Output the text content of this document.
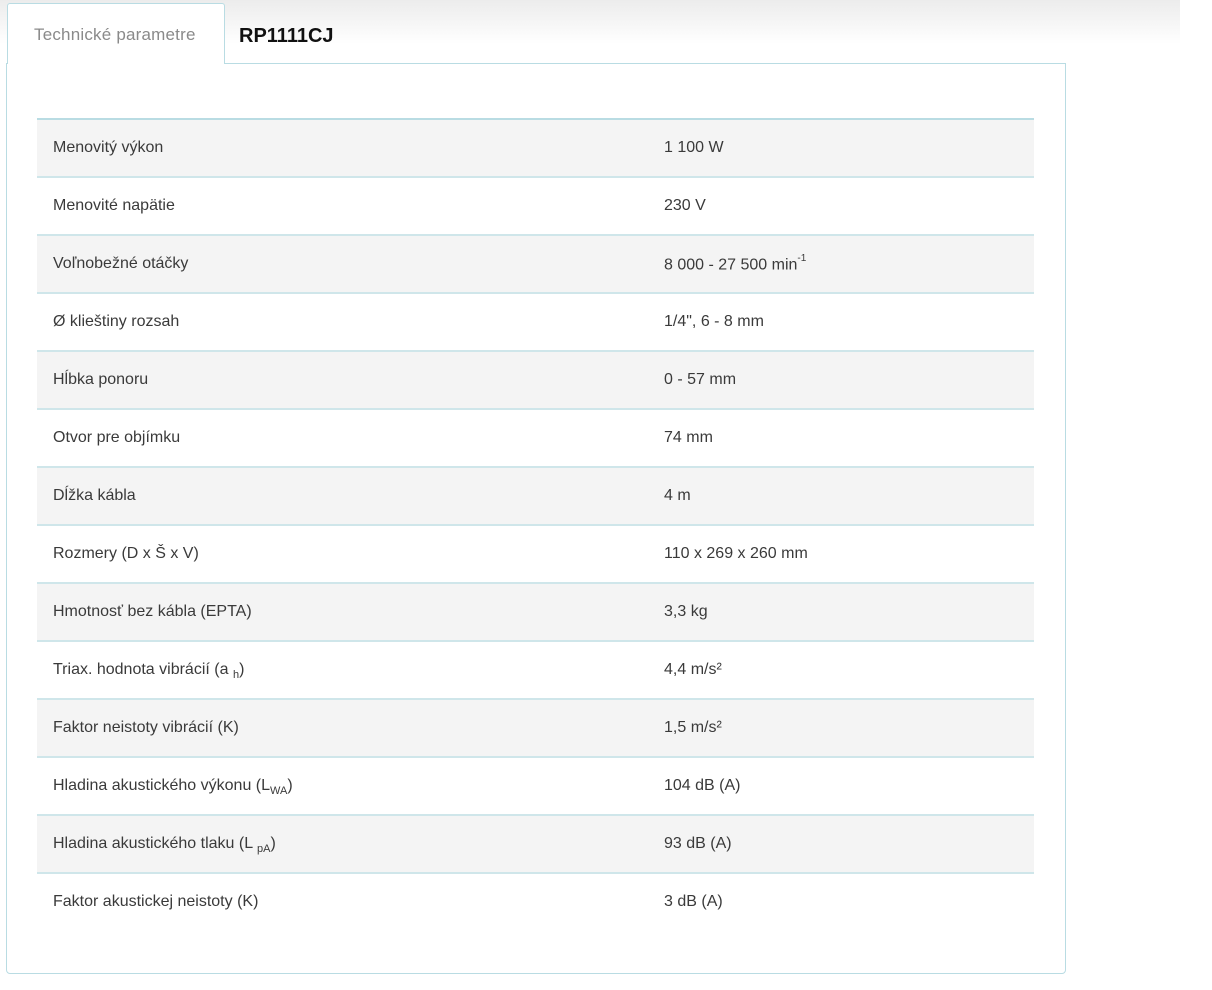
Technické parametre RP1111CJ
Menovitý výkon	1 100 W
Menovité napätie	230 V
Voľnobežné otáčky	8 000 - 27 500 $\min^{-1}$
Ø klieštiny rozsah	1/4", 6 - 8 mm
Hĺbka ponoru	0 - 57 mm
Otvor pre objímku	74 mm
Dĺžka kábla	4 m
Rozmery (D x Š x V)	110 x 269 x 260 mm
Hmotnosť bez kábla (EPTA)	3,3 kg
Triax. hodnota vibrácií (a $_h$)	4,4 m/s²
Faktor neistoty vibrácií (K)	1,5 m/s²
Hladina akustického výkonu $(L_{WA})$	104 dB (A)
Hladina akustického tlaku (L $_{pA}$)	93 dB (A)
Faktor akustickej neistoty (K)	3 dB (A)
